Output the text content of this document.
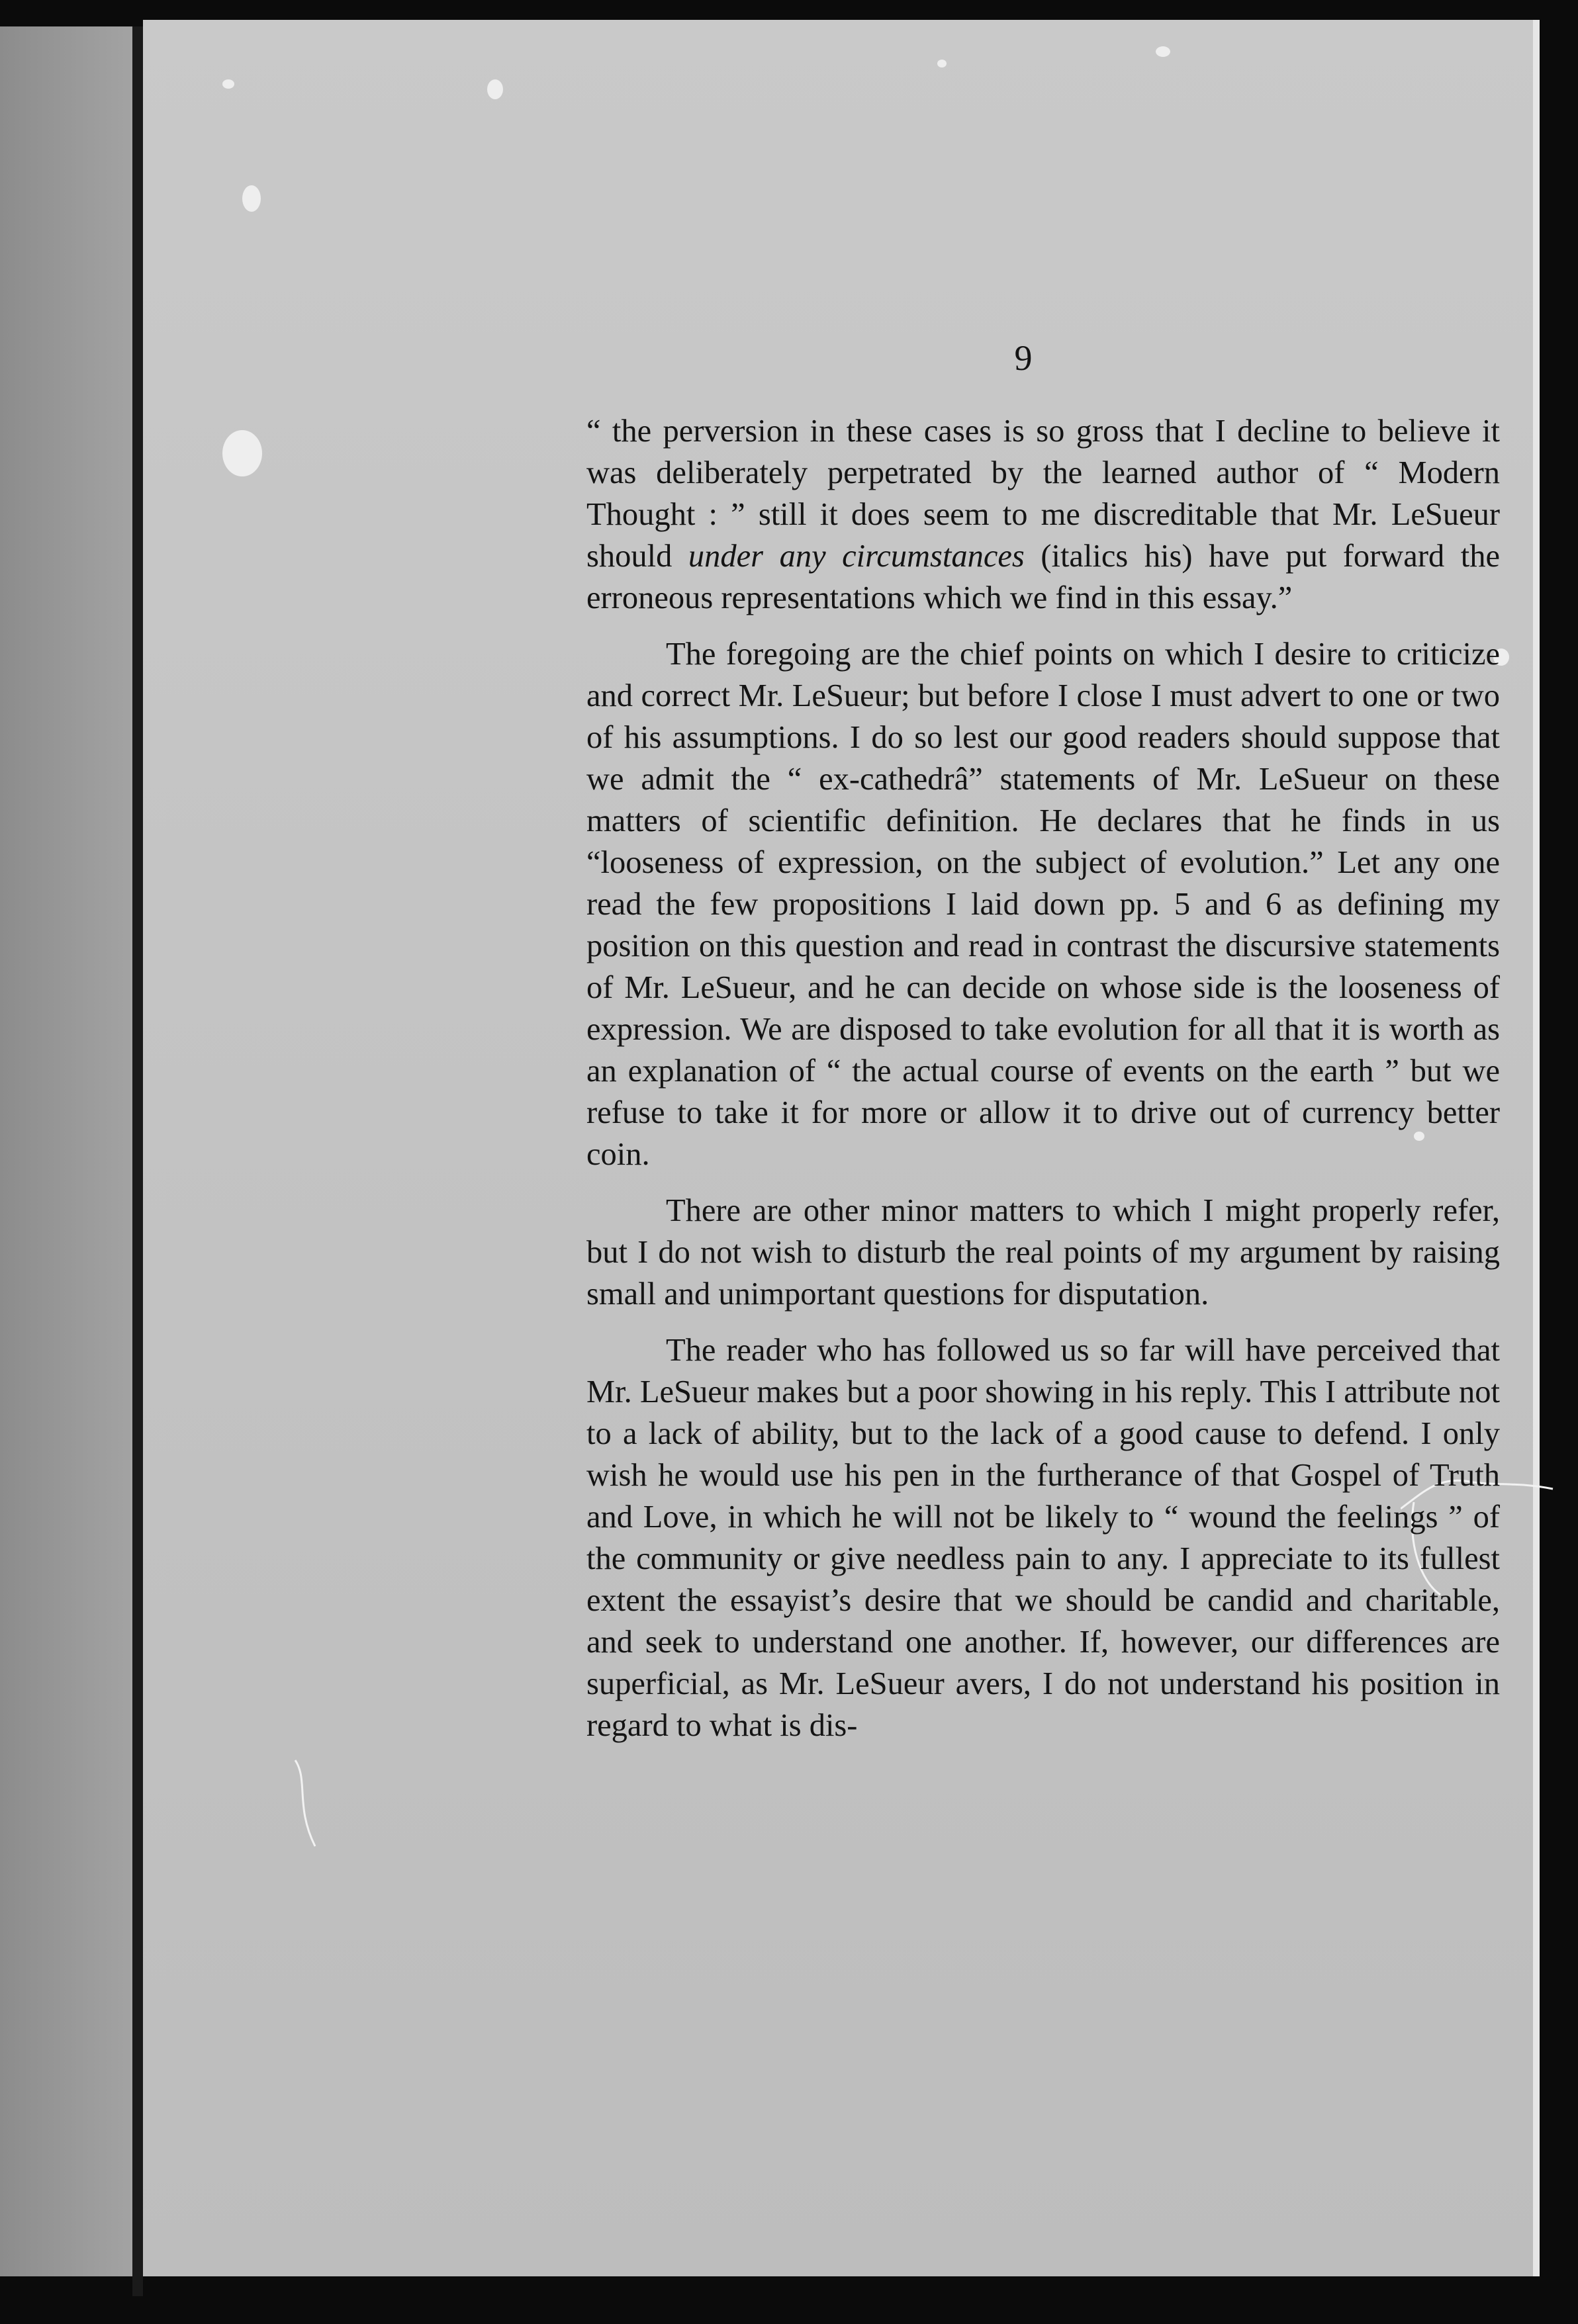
9

“ the perversion in these cases is so gross that I decline to believe it was deliberately perpetrated by the learned author of “ Modern Thought : ” still it does seem to me discreditable that Mr. LeSueur should under any circumstances (italics his) have put forward the erroneous representations which we find in this essay.”

The foregoing are the chief points on which I desire to criticize and correct Mr. LeSueur; but before I close I must advert to one or two of his assumptions. I do so lest our good readers should suppose that we admit the “ ex-cathedrâ” statements of Mr. LeSueur on these matters of scientific definition. He declares that he finds in us “looseness of expression, on the subject of evolution.” Let any one read the few propositions I laid down pp. 5 and 6 as defining my position on this question and read in contrast the discursive statements of Mr. LeSueur, and he can decide on whose side is the looseness of expression. We are disposed to take evolution for all that it is worth as an explanation of “ the actual course of events on the earth ” but we refuse to take it for more or allow it to drive out of currency better coin.

There are other minor matters to which I might properly refer, but I do not wish to disturb the real points of my argument by raising small and unimportant questions for disputation.

The reader who has followed us so far will have perceived that Mr. LeSueur makes but a poor showing in his reply. This I attribute not to a lack of ability, but to the lack of a good cause to defend. I only wish he would use his pen in the furtherance of that Gospel of Truth and Love, in which he will not be likely to “ wound the feelings ” of the community or give needless pain to any. I appreciate to its fullest extent the essayist’s desire that we should be candid and charitable, and seek to understand one another. If, however, our differences are superficial, as Mr. LeSueur avers, I do not understand his position in regard to what is dis-
